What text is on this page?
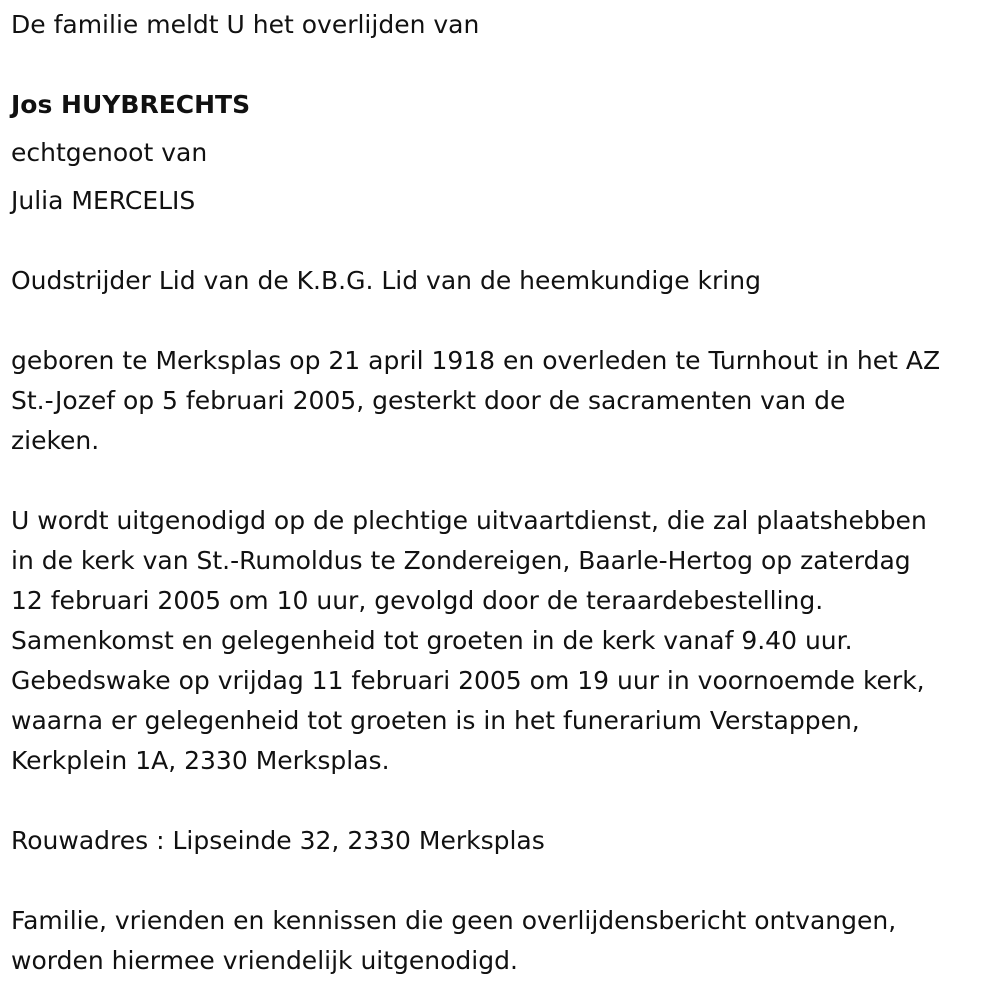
De familie meldt U het overlijden van
Jos HUYBRECHTS
echtgenoot van
Julia MERCELIS
Oudstrijder Lid van de K.B.G. Lid van de heemkundige kring
geboren te Merksplas op 21 april 1918 en overleden te Turnhout in het AZ
St.-Jozef op 5 februari 2005, gesterkt door de sacramenten van de
zieken.
U wordt uitgenodigd op de plechtige uitvaartdienst, die zal plaatshebben
in de kerk van St.-Rumoldus te Zondereigen, Baarle-Hertog op zaterdag
12 februari 2005 om 10 uur, gevolgd door de teraardebestelling.
Samenkomst en gelegenheid tot groeten in de kerk vanaf 9.40 uur.
Gebedswake op vrijdag 11 februari 2005 om 19 uur in voornoemde kerk,
waarna er gelegenheid tot groeten is in het funerarium Verstappen,
Kerkplein 1A, 2330 Merksplas.
Rouwadres : Lipseinde 32, 2330 Merksplas
Familie, vrienden en kennissen die geen overlijdensbericht ontvangen,
worden hiermee vriendelijk uitgenodigd.
